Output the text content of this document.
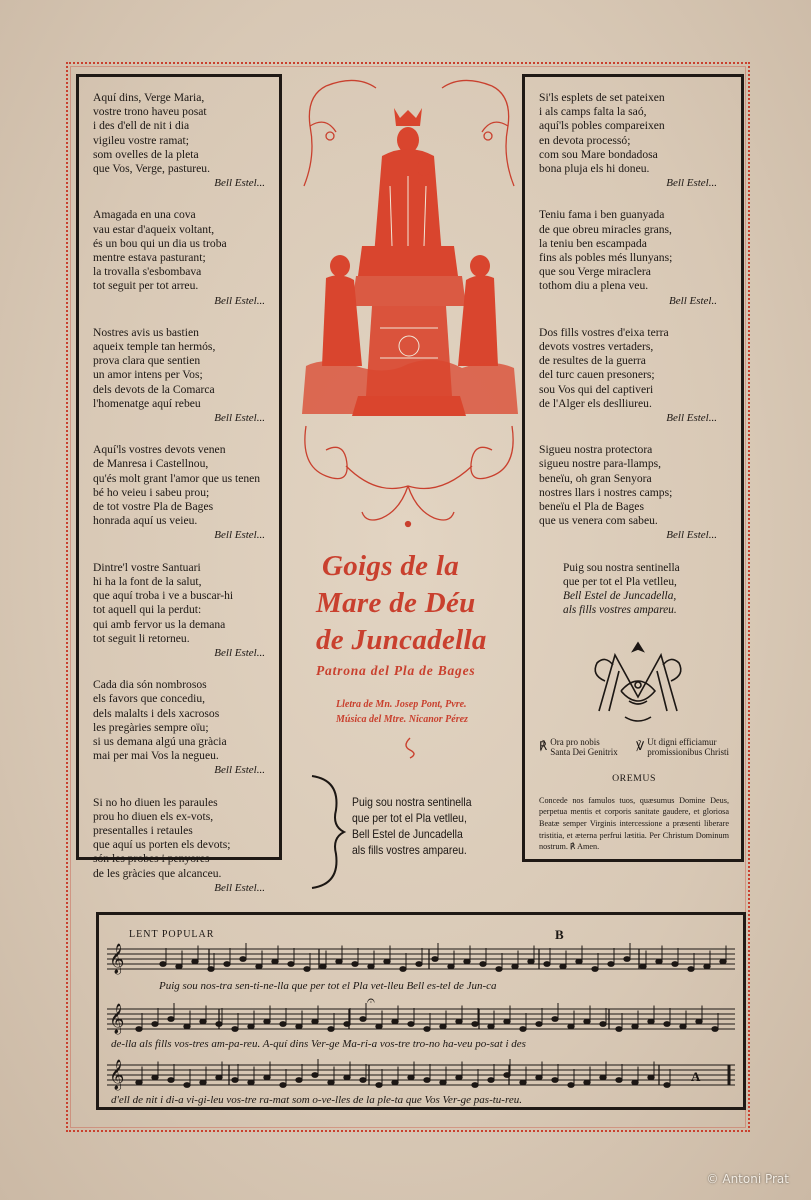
Aquí dins, Verge Maria,
vostre trono haveu posat
i des d'ell de nit i dia
vigileu vostre ramat;
som ovelles de la pleta
que Vos, Verge, pastureu.
Bell Estel...
Amagada en una cova
vau estar d'aqueix voltant,
és un bou qui un dia us troba
mentre estava pasturant;
la trovalla s'esbombava
tot seguit per tot arreu.
Bell Estel...
Nostres avis us bastien
aqueix temple tan hermós,
prova clara que sentien
un amor intens per Vos;
dels devots de la Comarca
l'homenatge aquí rebeu
Bell Estel...
Aquí'ls vostres devots venen
de Manresa i Castellnou,
qu'és molt grant l'amor que us tenen
bé ho veieu i sabeu prou;
de tot vostre Pla de Bages
honrada aquí us veieu.
Bell Estel...
Dintre'l vostre Santuari
hi ha la font de la salut,
que aquí troba i ve a buscar-hi
tot aquell qui la perdut:
qui amb fervor us la demana
tot seguit li retorneu.
Bell Estel...
Cada dia són nombrosos
els favors que concediu,
dels malalts i dels xacrosos
les pregàries sempre oïu;
si us demana algú una gràcia
mai per mai Vos la negueu.
Bell Estel...
Si no ho diuen les paraules
prou ho diuen els ex-vots,
presentalles i retaules
que aquí us porten els devots;
són les probes i penyores
de les gràcies que alcanceu.
Bell Estel...
Si'ls esplets de set pateixen
i als camps falta la saó,
aquí'ls pobles compareixen
en devota processó;
com sou Mare bondadosa
bona pluja els hi doneu.
Bell Estel...
Teniu fama i ben guanyada
de que obreu miracles grans,
la teniu ben escampada
fins als pobles més llunyans;
que sou Verge miraclera
tothom diu a plena veu.
Bell Estel..
Dos fills vostres d'eixa terra
devots vostres vertaders,
de resultes de la guerra
del turc cauen presoners;
sou Vos qui del captiveri
de l'Alger els deslliureu.
Bell Estel...
Sigueu nostra protectora
sigueu nostre para-llamps,
beneïu, oh gran Senyora
nostres llars i nostres camps;
beneïu el Pla de Bages
que us venera com sabeu.
Bell Estel...
Puig sou nostra sentinella
que per tot el Pla vetlleu,
Bell Estel de Juncadella,
als fills vostres ampareu.
℟ Ora pro nobis
Santa Dei Genitrix ℣ Ut digni efficiamur
promissionibus Christi
OREMUS
Concede nos famulos tuos, quæsumus Domine Deus, perpetua mentis et corporis sanitate gaudere, et gloriosa Beatæ semper Virginis intercessione a præsenti liberare tristitia, et æterna perfrui lætitia. Per Christum Dominum nostrum. ℟ Amen.
Goigs de la
Mare de Déu
de Juncadella
Patrona del Pla de Bages
Lletra de Mn. Josep Pont, Pvre.
Música del Mtre. Nicanor Pérez
Puig sou nostra sentinella
que per tot el Pla vetlleu,
Bell Estel de Juncadella
als fills vostres ampareu.
𝄞
𝄞
𝄞
𝄐
LENT POPULAR	B
A
Puig sou nos-tra sen-ti-ne-lla que per tot el Pla vet-lleu Bell es-tel de Jun-ca
de-lla als fills vos-tres am-pa-reu. A-quí dins Ver-ge Ma-ri-a vos-tre tro-no ha-veu po-sat i des
d'ell de nit i di-a vi-gi-leu vos-tre ra-mat som o-ve-lles de la ple-ta que Vos Ver-ge pas-tu-reu.
© Antoni Prat
